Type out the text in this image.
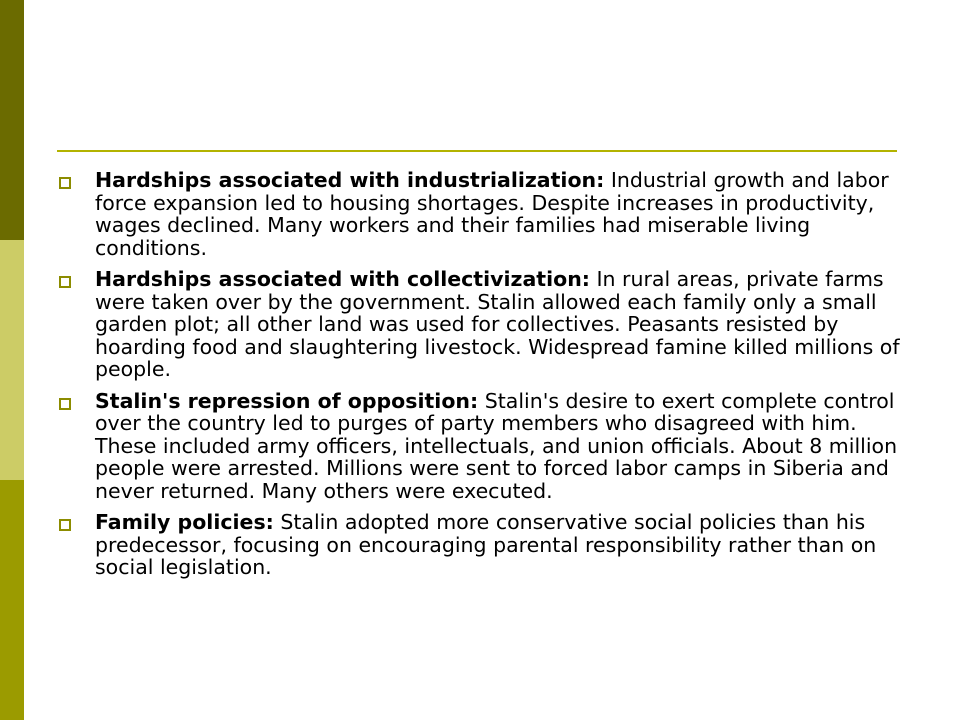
Hardships associated with industrialization: Industrial growth and labor force expansion led to housing shortages. Despite increases in productivity, wages declined. Many workers and their families had miserable living conditions.
Hardships associated with collectivization: In rural areas, private farms were taken over by the government. Stalin allowed each family only a small garden plot; all other land was used for collectives. Peasants resisted by hoarding food and slaughtering livestock. Widespread famine killed millions of people.
Stalin's repression of opposition: Stalin's desire to exert complete control over the country led to purges of party members who disagreed with him. These included army officers, intellectuals, and union officials. About 8 million people were arrested. Millions were sent to forced labor camps in Siberia and never returned. Many others were executed.
Family policies: Stalin adopted more conservative social policies than his predecessor, focusing on encouraging parental responsibility rather than on social legislation.
